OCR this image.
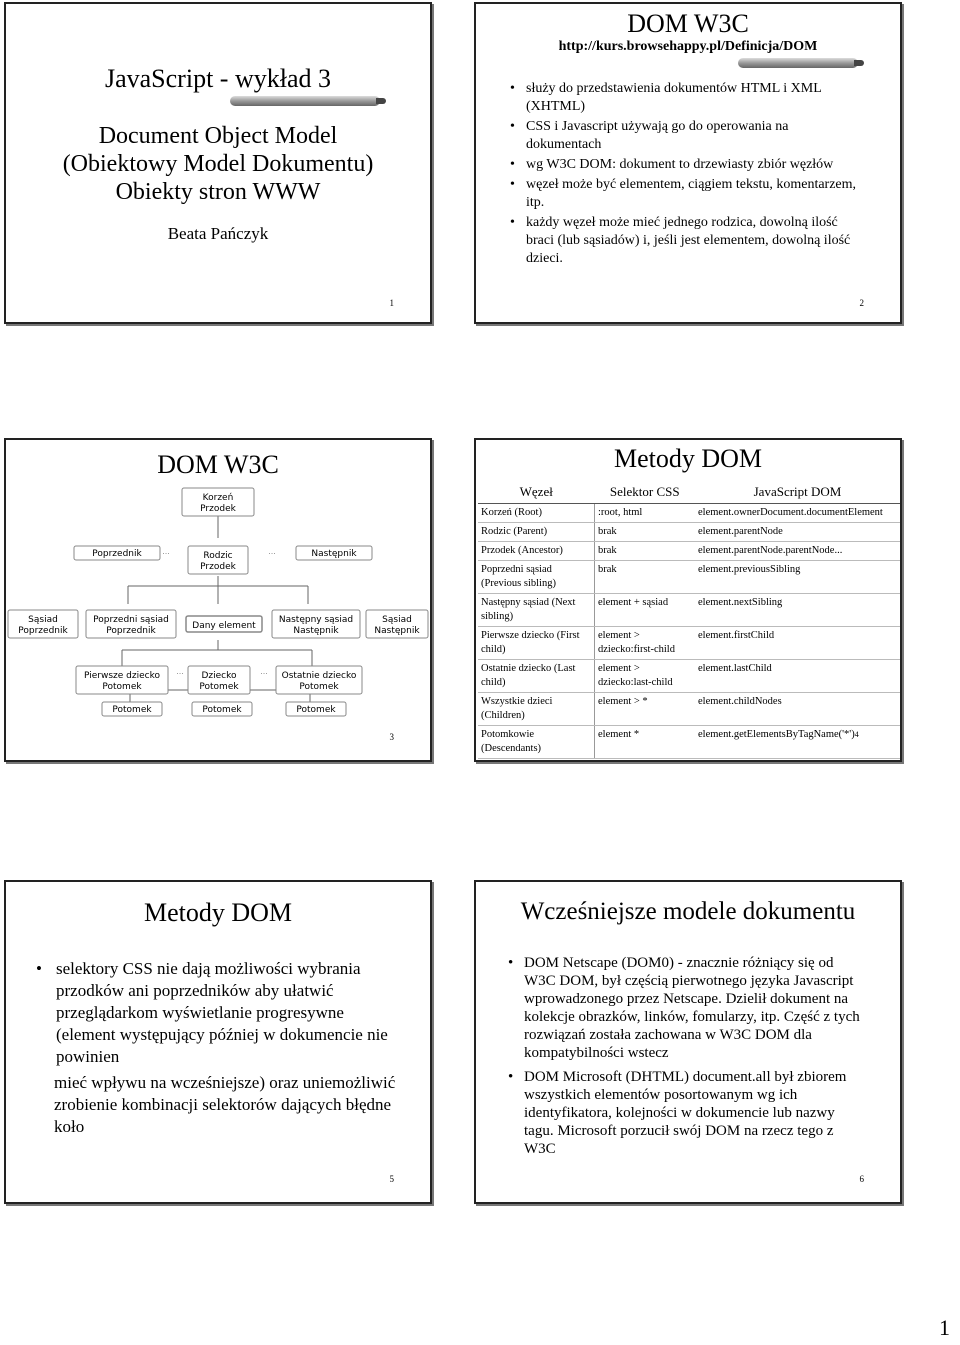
JavaScript - wykład 3
Document Object Model
(Obiektowy Model Dokumentu)
Obiekty stron WWW
Beata Pańczyk
1
DOM W3C
http://kurs.browsehappy.pl/Definicja/DOM
• służy do przedstawienia dokumentów HTML i XML (XHTML)
• CSS i Javascript używają go do operowania na dokumentach
• wg W3C DOM: dokument to drzewiasty zbiór węzłów
• węzeł może być elementem, ciągiem tekstu, komentarzem, itp.
• każdy węzeł może mieć jednego rodzica, dowolną ilość braci (lub sąsiadów) i, jeśli jest elementem, dowolną ilość dzieci.
2
DOM W3C
Korzeń
Przodek
Poprzednik	Rodzic
Przodek
Następnik
Sąsiad
Poprzednik
Poprzedni sąsiad
Poprzednik	Dany element
Następny sąsiad
Następnik
Sąsiad
Następnik
Pierwsze dziecko
Potomek
Dziecko
Potomek
Ostatnie dziecko
Potomek
Potomek	Potomek	Potomek
...	...
...	...
3
Metody DOM
Węzeł	Selektor CSS	JavaScript DOM
Korzeń (Root)	:root, html	element.ownerDocument.documentElement
Rodzic (Parent)	brak	element.parentNode
Przodek (Ancestor)	brak	element.parentNode.parentNode...
Poprzedni sąsiad (Previous sibling)	brak	element.previousSibling
Następny sąsiad (Next sibling)	element + sąsiad	element.nextSibling
Pierwsze dziecko (First child)	element > dziecko:first-child	element.firstChild
Ostatnie dziecko (Last child)	element > dziecko:last-child	element.lastChild
Wszystkie dzieci (Children)	element > *	element.childNodes
Potomkowie (Descendants)	element *	element.getElementsByTagName('*')4
Metody DOM
• selektory CSS nie dają możliwości wybrania przodków ani poprzedników aby ułatwić przeglądarkom wyświetlanie progresywne (element występujący później w dokumencie nie powinien
mieć wpływu na wcześniejsze) oraz uniemożliwić zrobienie kombinacji selektorów dających błędne koło
5
Wcześniejsze modele dokumentu
• DOM Netscape (DOM0) - znacznie różniący się od W3C DOM, był częścią pierwotnego języka Javascript wprowadzonego przez Netscape. Dzielił dokument na kolekcje obrazków, linków, fomularzy, itp. Część z tych rozwiązań została zachowana w W3C DOM dla kompatybilności wstecz
• DOM Microsoft (DHTML) document.all był zbiorem wszystkich elementów posortowanym wg ich identyfikatora, kolejności w dokumencie lub nazwy tagu. Microsoft porzucił swój DOM na rzecz tego z W3C
6
1
